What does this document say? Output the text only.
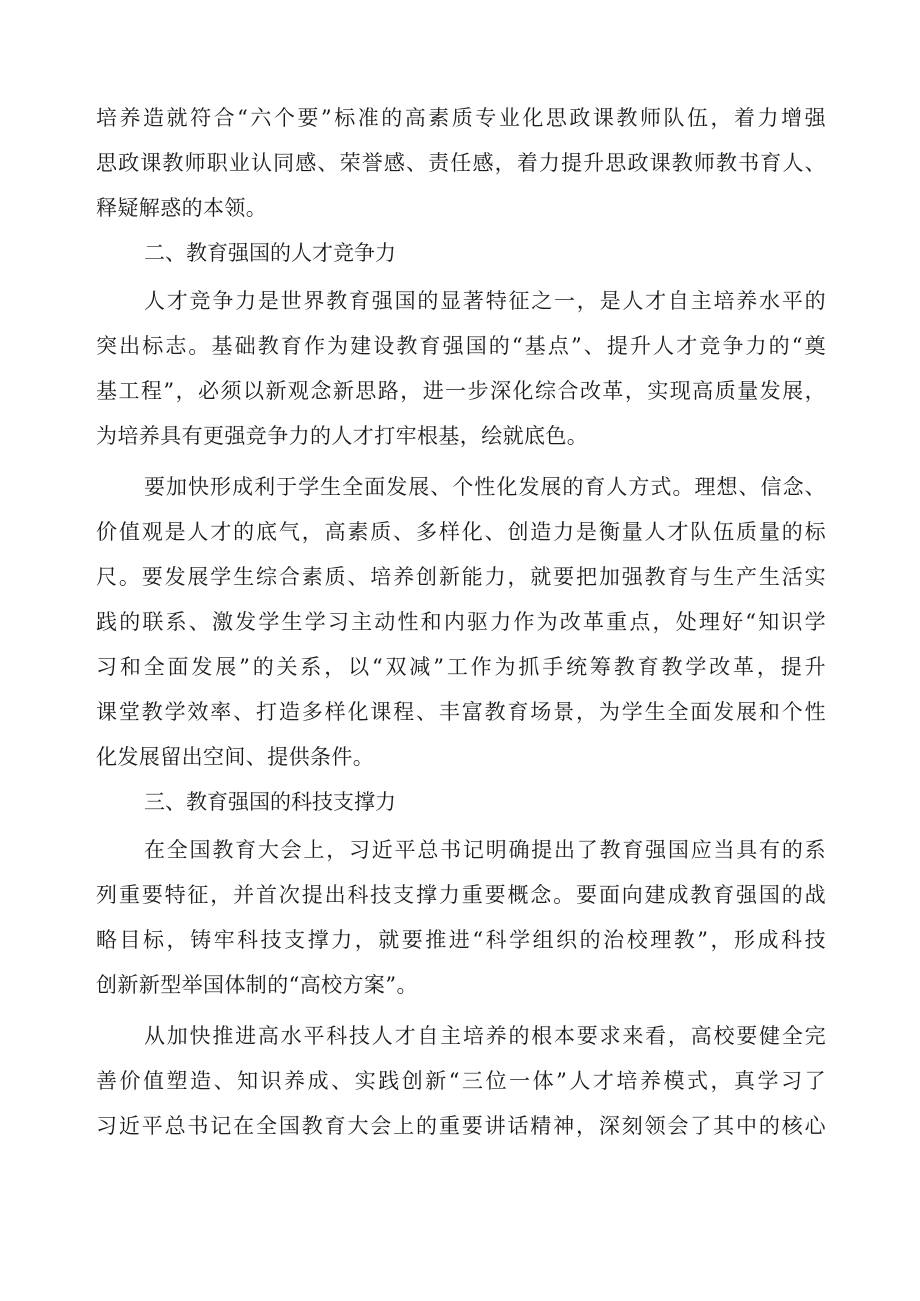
培养造就符合“六个要”标准的高素质专业化思政课教师队伍，着力增强
思政课教师职业认同感、荣誉感、责任感，着力提升思政课教师教书育人、
释疑解惑的本领。
二、教育强国的人才竞争力
人才竞争力是世界教育强国的显著特征之一，是人才自主培养水平的
突出标志。基础教育作为建设教育强国的“基点”、提升人才竞争力的“奠
基工程”，必须以新观念新思路，进一步深化综合改革，实现高质量发展，
为培养具有更强竞争力的人才打牢根基，绘就底色。
要加快形成利于学生全面发展、个性化发展的育人方式。理想、信念、
价值观是人才的底气，高素质、多样化、创造力是衡量人才队伍质量的标
尺。要发展学生综合素质、培养创新能力，就要把加强教育与生产生活实
践的联系、激发学生学习主动性和内驱力作为改革重点，处理好“知识学
习和全面发展”的关系，以“双减”工作为抓手统筹教育教学改革，提升
课堂教学效率、打造多样化课程、丰富教育场景，为学生全面发展和个性
化发展留出空间、提供条件。
三、教育强国的科技支撑力
在全国教育大会上，习近平总书记明确提出了教育强国应当具有的系
列重要特征，并首次提出科技支撑力重要概念。要面向建成教育强国的战
略目标，铸牢科技支撑力，就要推进“科学组织的治校理教”，形成科技
创新新型举国体制的“高校方案”。
从加快推进高水平科技人才自主培养的根本要求来看，高校要健全完
善价值塑造、知识养成、实践创新“三位一体”人才培养模式，真学习了
习近平总书记在全国教育大会上的重要讲话精神，深刻领会了其中的核心
